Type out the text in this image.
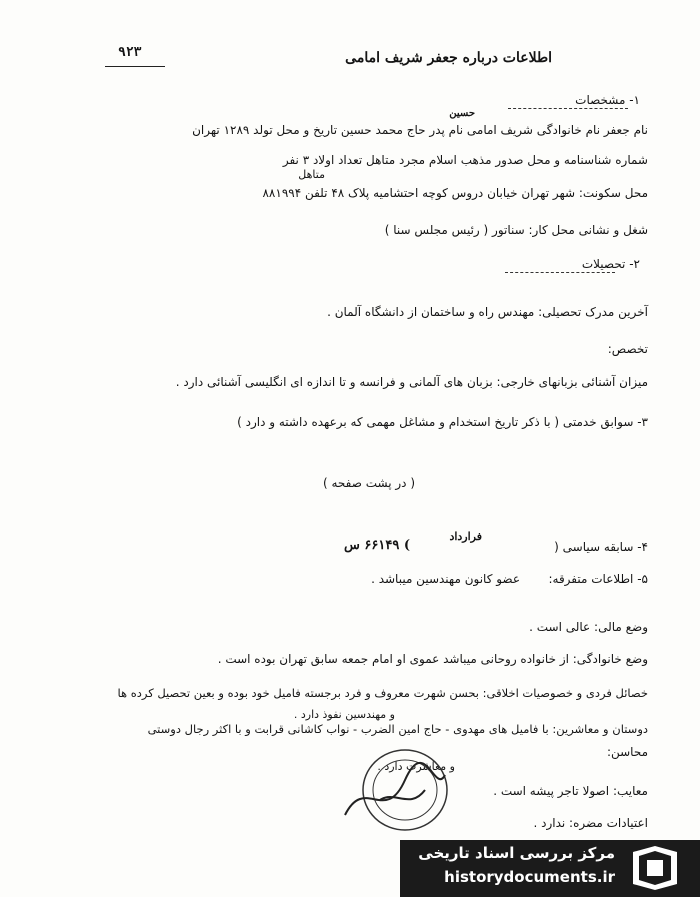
۹۲۳	اطلاعات درباره جعفر شریف امامی
۱- مشخصات
حسین
نام جعفر نام خانوادگی شریف امامی نام پدر حاج محمد حسین تاریخ و محل تولد ۱۲۸۹ تهران
شماره شناسنامه و محل صدور مذهب اسلام مجرد متاهل تعداد اولاد ۳ نفر
متاهل
محل سکونت: شهر تهران خیابان دروس کوچه احتشامیه پلاک ۴۸ تلفن ۸۸۱۹۹۴
شغل و نشانی محل کار: سناتور ( رئیس مجلس سنا )
۲- تحصیلات
آخرین مدرک تحصیلی: مهندس راه و ساختمان از دانشگاه آلمان .
تخصص:
میزان آشنائی بزبانهای خارجی: بزبان های آلمانی و فرانسه و تا اندازه ای انگلیسی آشنائی دارد .
۳- سوابق خدمتی ( با ذکر تاریخ استخدام و مشاغل مهمی که برعهده داشته و دارد )
( در پشت صفحه )
۴- سابقه سیاسی (
فرارداد
) ۶۶۱۴۹ س
۵- اطلاعات متفرقه:
عضو کانون مهندسین میباشد .
وضع مالی: عالی است .
وضع خانوادگی: از خانواده روحانی میباشد عموی او امام جمعه سابق تهران بوده است .
خصائل فردی و خصوصیات اخلاقی: بحسن شهرت معروف و فرد برجسته فامیل خود بوده و بعین تحصیل کرده ها
و مهندسین نفوذ دارد .
دوستان و معاشرین: با فامیل های مهدوی - حاج امین الضرب - نواب کاشانی قرابت و با اکثر رجال دوستی
محاسن:
و معاشرت دارد .
معایب: اصولا تاجر پیشه است .
اعتیادات مضره: ندارد .
مرکز بررسی اسناد تاریخی
historydocuments.ir
